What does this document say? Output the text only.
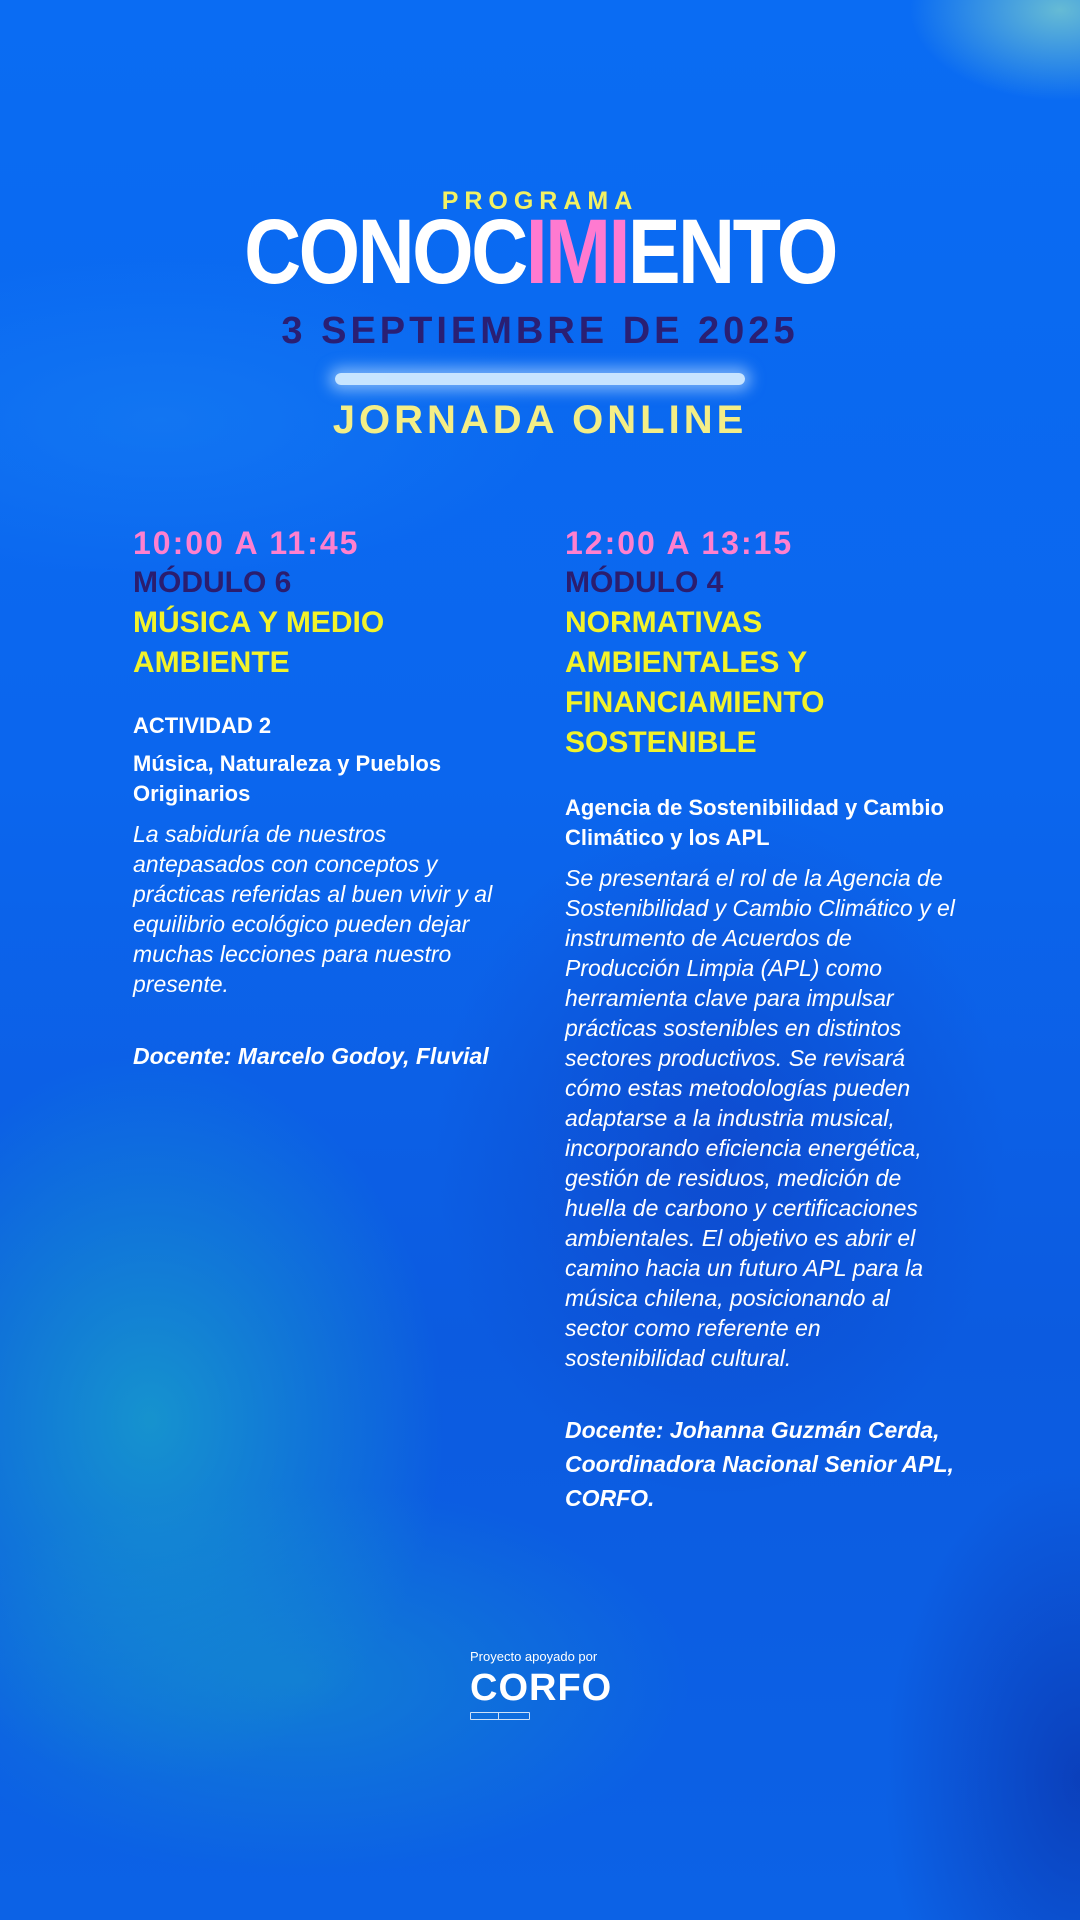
PROGRAMA
CONOCIMIENTO
3 SEPTIEMBRE DE 2025
JORNADA ONLINE
10:00 A 11:45
MÓDULO 6
MÚSICA Y MEDIO
AMBIENTE
ACTIVIDAD 2
Música, Naturaleza y Pueblos Originarios
La sabiduría de nuestros antepasados con conceptos y prácticas referidas al buen vivir y al equilibrio ecológico pueden dejar muchas lecciones para nuestro presente.
Docente: Marcelo Godoy, Fluvial
12:00 A 13:15
MÓDULO 4
NORMATIVAS
AMBIENTALES Y
FINANCIAMIENTO
SOSTENIBLE
Agencia de Sostenibilidad y Cambio Climático y los APL
Se presentará el rol de la Agencia de Sostenibilidad y Cambio Climático y el instrumento de Acuerdos de Producción Limpia (APL) como herramienta clave para impulsar prácticas sostenibles en distintos sectores productivos. Se revisará cómo estas metodologías pueden adaptarse a la industria musical, incorporando eficiencia energética, gestión de residuos, medición de huella de carbono y certificaciones ambientales. El objetivo es abrir el camino hacia un futuro APL para la música chilena, posicionando al sector como referente en sostenibilidad cultural.
Docente: Johanna Guzmán Cerda, Coordinadora Nacional Senior APL, CORFO.
Proyecto apoyado por
CORFO
